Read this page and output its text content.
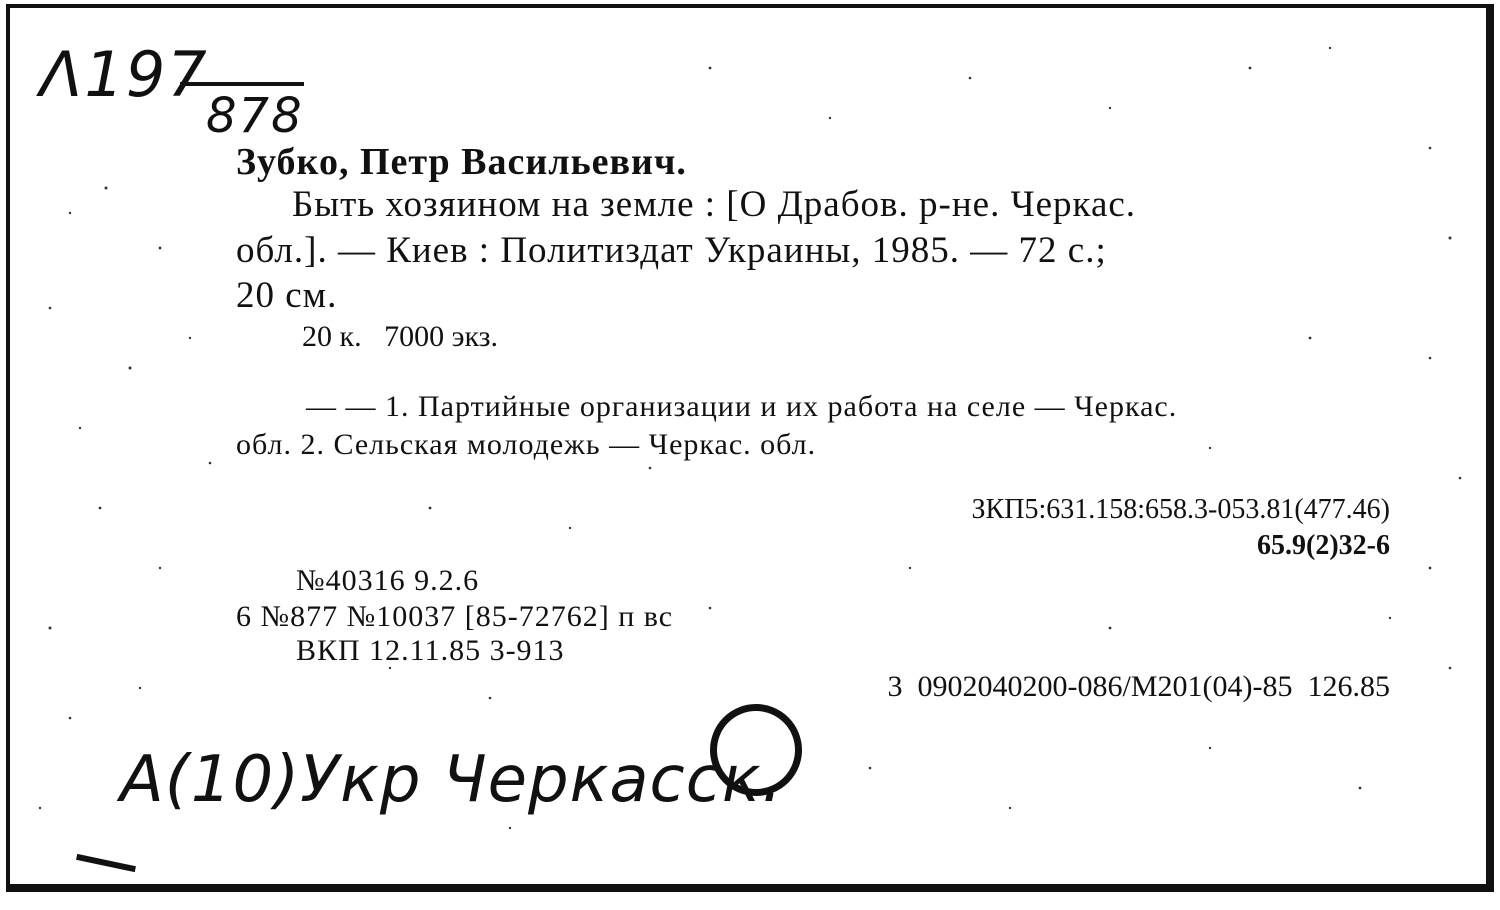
Λ197
878
Зубко, Петр Васильевич.
Быть хозяином на земле : [О Драбов. р-не. Черкас.
обл.]. — Киев : Политиздат Украины, 1985. — 72 с.;
20 см.
20 к.   7000 экз.
— — 1. Партийные организации и их работа на селе — Черкас.
обл. 2. Сельская молодежь — Черкас. обл.
ЗКП5:631.158:658.3-053.81(477.46)
65.9(2)32-6
№40316 9.2.6
6 №877 №10037 [85-72762] п вс
ВКП 12.11.85 3-913
3  0902040200-086/М201(04)-85  126.85
А(10)Укр Черкасск.
